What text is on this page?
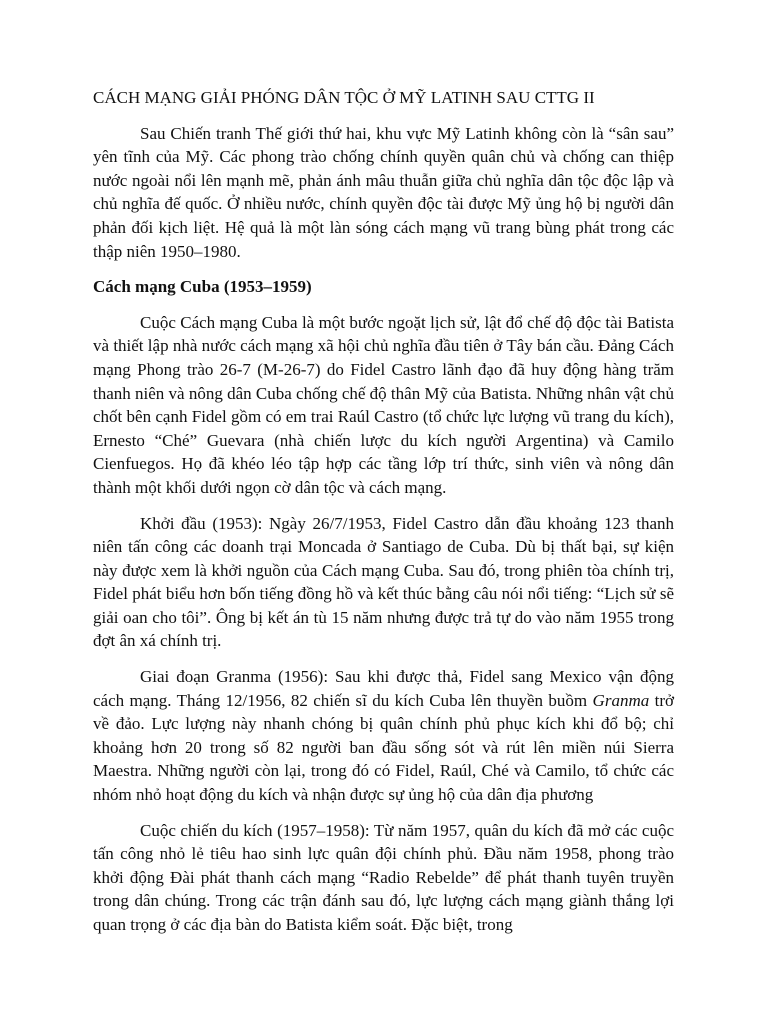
CÁCH MẠNG GIẢI PHÓNG DÂN TỘC Ở MỸ LATINH SAU CTTG II

Sau Chiến tranh Thế giới thứ hai, khu vực Mỹ Latinh không còn là “sân sau” yên tĩnh của Mỹ. Các phong trào chống chính quyền quân chủ và chống can thiệp nước ngoài nổi lên mạnh mẽ, phản ánh mâu thuẫn giữa chủ nghĩa dân tộc độc lập và chủ nghĩa đế quốc. Ở nhiều nước, chính quyền độc tài được Mỹ ủng hộ bị người dân phản đối kịch liệt. Hệ quả là một làn sóng cách mạng vũ trang bùng phát trong các thập niên 1950–1980.

Cách mạng Cuba (1953–1959)

Cuộc Cách mạng Cuba là một bước ngoặt lịch sử, lật đổ chế độ độc tài Batista và thiết lập nhà nước cách mạng xã hội chủ nghĩa đầu tiên ở Tây bán cầu. Đảng Cách mạng Phong trào 26-7 (M-26-7) do Fidel Castro lãnh đạo đã huy động hàng trăm thanh niên và nông dân Cuba chống chế độ thân Mỹ của Batista. Những nhân vật chủ chốt bên cạnh Fidel gồm có em trai Raúl Castro (tổ chức lực lượng vũ trang du kích), Ernesto “Ché” Guevara (nhà chiến lược du kích người Argentina) và Camilo Cienfuegos. Họ đã khéo léo tập hợp các tầng lớp trí thức, sinh viên và nông dân thành một khối dưới ngọn cờ dân tộc và cách mạng.

Khởi đầu (1953): Ngày 26/7/1953, Fidel Castro dẫn đầu khoảng 123 thanh niên tấn công các doanh trại Moncada ở Santiago de Cuba. Dù bị thất bại, sự kiện này được xem là khởi nguồn của Cách mạng Cuba. Sau đó, trong phiên tòa chính trị, Fidel phát biểu hơn bốn tiếng đồng hồ và kết thúc bằng câu nói nổi tiếng: “Lịch sử sẽ giải oan cho tôi”. Ông bị kết án tù 15 năm nhưng được trả tự do vào năm 1955 trong đợt ân xá chính trị.

Giai đoạn Granma (1956): Sau khi được thả, Fidel sang Mexico vận động cách mạng. Tháng 12/1956, 82 chiến sĩ du kích Cuba lên thuyền buồm Granma trở về đảo. Lực lượng này nhanh chóng bị quân chính phủ phục kích khi đổ bộ; chỉ khoảng hơn 20 trong số 82 người ban đầu sống sót và rút lên miền núi Sierra Maestra. Những người còn lại, trong đó có Fidel, Raúl, Ché và Camilo, tổ chức các nhóm nhỏ hoạt động du kích và nhận được sự ủng hộ của dân địa phương

Cuộc chiến du kích (1957–1958): Từ năm 1957, quân du kích đã mở các cuộc tấn công nhỏ lẻ tiêu hao sinh lực quân đội chính phủ. Đầu năm 1958, phong trào khởi động Đài phát thanh cách mạng “Radio Rebelde” để phát thanh tuyên truyền trong dân chúng. Trong các trận đánh sau đó, lực lượng cách mạng giành thắng lợi quan trọng ở các địa bàn do Batista kiểm soát. Đặc biệt, trong
